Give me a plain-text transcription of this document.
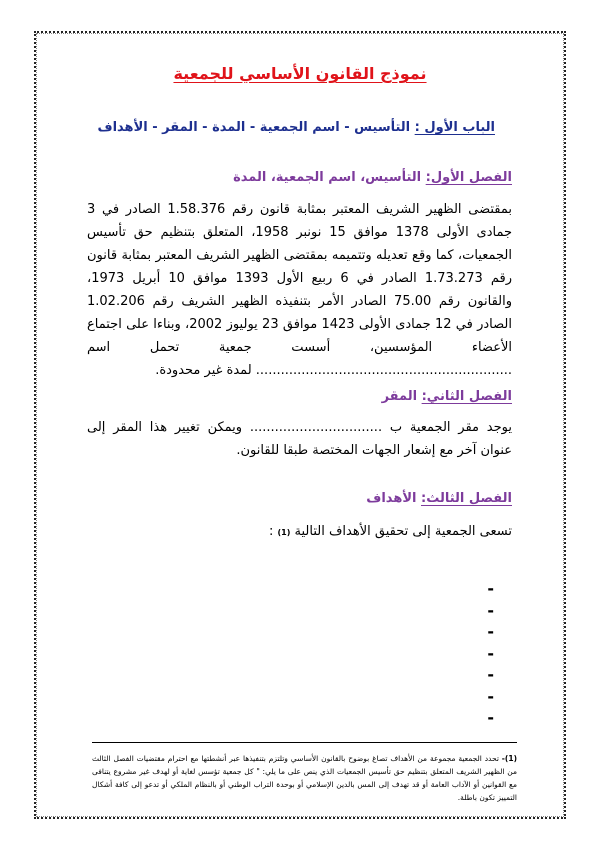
نموذج القانون الأساسي للجمعية
الباب الأول : التأسيس - اسم الجمعية - المدة - المقر - الأهداف
الفصل الأول: التأسيس، اسم الجمعية، المدة

بمقتضى الظهير الشريف المعتبر بمثابة قانون رقم 1.58.376 الصادر في 3 جمادى الأولى 1378 موافق 15 نونبر 1958، المتعلق بتنظيم حق تأسيس الجمعيات، كما وقع تعديله وتتميمه بمقتضى الظهير الشريف المعتبر بمثابة قانون رقم 1.73.273 الصادر في 6 ربيع الأول 1393 موافق 10 أبريل 1973، والقانون رقم 75.00 الصادر الأمر بتنفيذه الظهير الشريف رقم 1.02.206 الصادر في 12 جمادى الأولى 1423 موافق 23 يوليوز 2002، وبناءا على اجتماع الأعضاء المؤسسين، أسست جمعية تحمل اسم .............................................................. لمدة غير محدودة.

الفصل الثاني: المقر

يوجد مقر الجمعية ب ................................ ويمكن تغيير هذا المقر إلى عنوان آخر مع إشعار الجهات المختصة طبقا للقانون.

الفصل الثالث: الأهداف

تسعى الجمعية إلى تحقيق الأهداف التالية (1) :

-
-
-
-
-
-
-

(1)- تحدد الجمعية مجموعة من الأهداف تصاغ بوضوح بالقانون الأساسي وتلتزم بتنفيذها عبر أنشطتها مع احترام مقتضيات الفصل الثالث من الظهير الشريف المتعلق بتنظيم حق تأسيس الجمعيات الذي ينص على ما يلي: " كل جمعية تؤسس لغاية أو لهدف غير مشروع يتنافى مع القوانين أو الآداب العامة أو قد تهدف إلى المس بالدين الإسلامي أو بوحدة التراب الوطني أو بالنظام الملكي أو تدعو إلى كافة أشكال التمييز تكون باطلة.
